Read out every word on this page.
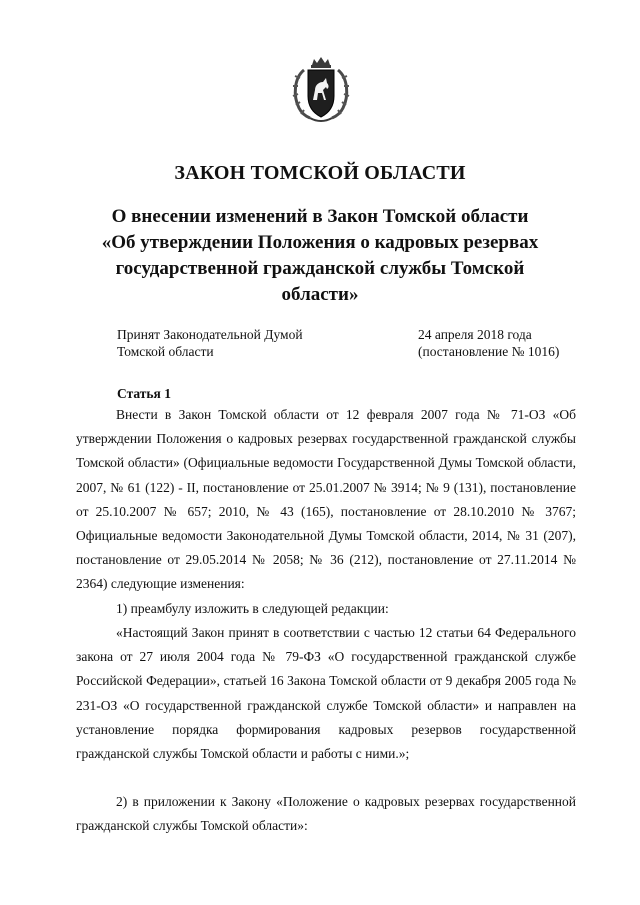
ЗАКОН ТОМСКОЙ ОБЛАСТИ
О внесении изменений в Закон Томской области
«Об утверждении Положения о кадровых резервах
государственной гражданской службы Томской
области»
Принят Законодательной Думой
Томской области
24 апреля 2018 года
(постановление № 1016)
Статья 1

Внести в Закон Томской области от 12 февраля 2007 года № 71-ОЗ «Об утверждении Положения о кадровых резервах государственной гражданской службы Томской области» (Официальные ведомости Государственной Думы Томской области, 2007, № 61 (122) - II, постановление от 25.01.2007 № 3914; № 9 (131), постановление от 25.10.2007 № 657; 2010, № 43 (165), постановление от 28.10.2010 № 3767; Официальные ведомости Законодательной Думы Томской области, 2014, № 31 (207), постановление от 29.05.2014 № 2058; № 36 (212), постановление от 27.11.2014 № 2364) следующие изменения:

1) преамбулу изложить в следующей редакции:

«Настоящий Закон принят в соответствии с частью 12 статьи 64 Федерального закона от 27 июля 2004 года № 79-ФЗ «О государственной гражданской службе Российской Федерации», статьей 16 Закона Томской области от 9 декабря 2005 года № 231-ОЗ «О государственной гражданской службе Томской области» и направлен на установление порядка формирования кадровых резервов государственной гражданской службы Томской области и работы с ними.»;

2) в приложении к Закону «Положение о кадровых резервах государственной гражданской службы Томской области»:
